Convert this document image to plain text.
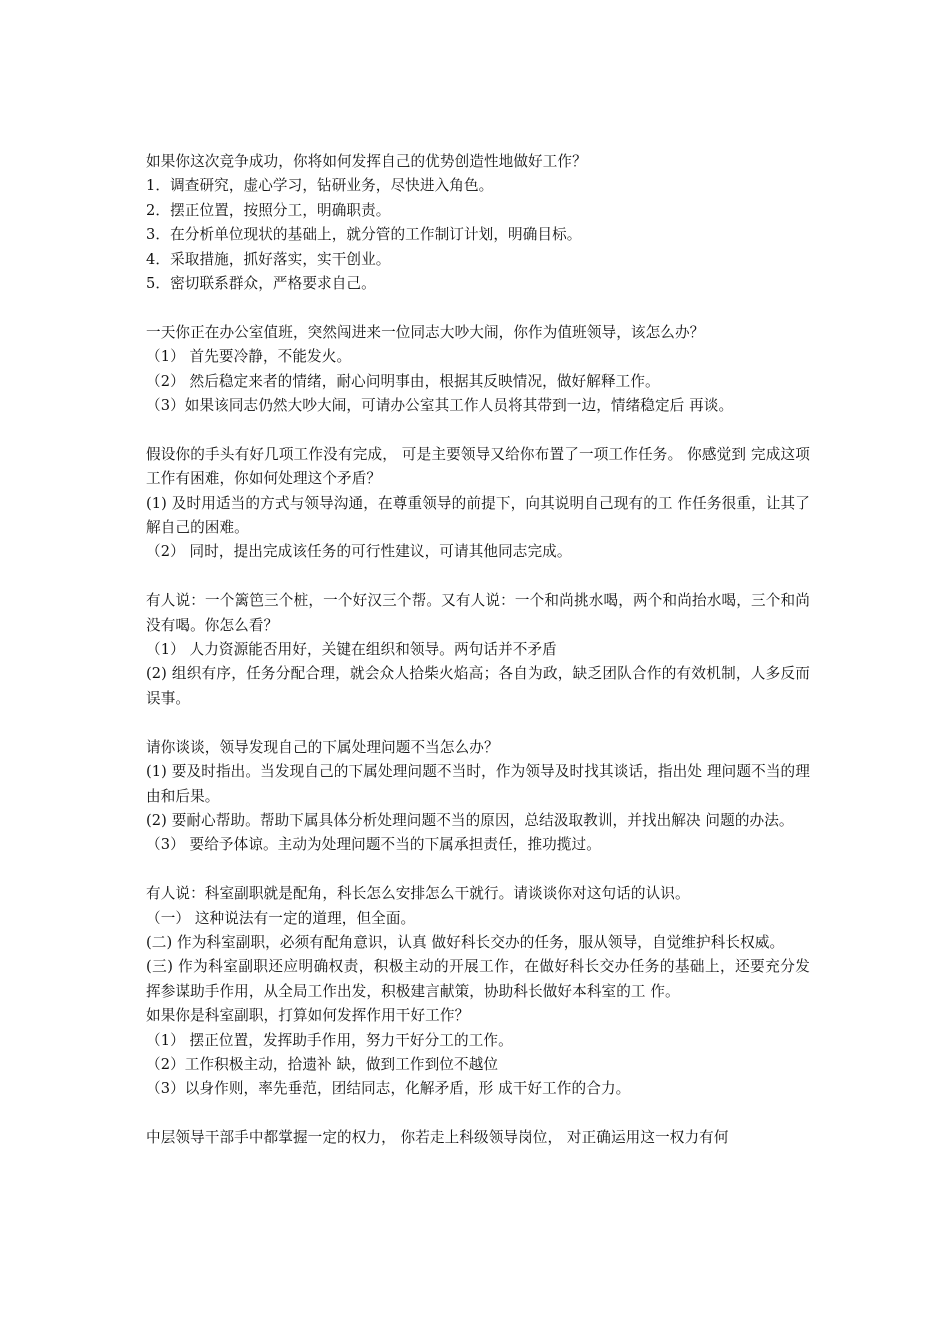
如果你这次竞争成功，你将如何发挥自己的优势创造性地做好工作？
1．调查研究，虚心学习，钻研业务，尽快进入角色。
2．摆正位置，按照分工，明确职责。
3．在分析单位现状的基础上，就分管的工作制订计划，明确目标。
4．采取措施，抓好落实，实干创业。
5．密切联系群众，严格要求自己。
一天你正在办公室值班，突然闯进来一位同志大吵大闹，你作为值班领导，该怎么办？
（1） 首先要冷静，不能发火。
（2） 然后稳定来者的情绪，耐心问明事由，根据其反映情况，做好解释工作。
（3）如果该同志仍然大吵大闹，可请办公室其工作人员将其带到一边，情绪稳定后 再谈。
假设你的手头有好几项工作没有完成， 可是主要领导又给你布置了一项工作任务。 你感觉到 完成这项工作有困难，你如何处理这个矛盾？
(1) 及时用适当的方式与领导沟通，在尊重领导的前提下，向其说明自己现有的工 作任务很重，让其了解自己的困难。
（2） 同时，提出完成该任务的可行性建议，可请其他同志完成。
有人说：一个篱笆三个桩，一个好汉三个帮。又有人说：一个和尚挑水喝，两个和尚抬水喝，三个和尚没有喝。你怎么看？
（1） 人力资源能否用好，关键在组织和领导。两句话并不矛盾
(2) 组织有序，任务分配合理，就会众人拾柴火焰高；各自为政，缺乏团队合作的有效机制，人多反而误事。
请你谈谈，领导发现自己的下属处理问题不当怎么办？
(1) 要及时指出。当发现自己的下属处理问题不当时，作为领导及时找其谈话，指出处 理问题不当的理由和后果。
(2) 要耐心帮助。帮助下属具体分析处理问题不当的原因，总结汲取教训，并找出解决 问题的办法。
（3） 要给予体谅。主动为处理问题不当的下属承担责任，推功揽过。
有人说：科室副职就是配角，科长怎么安排怎么干就行。请谈谈你对这句话的认识。
（一） 这种说法有一定的道理，但全面。
(二) 作为科室副职，必须有配角意识，认真 做好科长交办的任务，服从领导，自觉维护科长权威。
(三) 作为科室副职还应明确权责，积极主动的开展工作，在做好科长交办任务的基础上，还要充分发 挥参谋助手作用，从全局工作出发，积极建言献策，协助科长做好本科室的工 作。
如果你是科室副职，打算如何发挥作用干好工作？
（1） 摆正位置，发挥助手作用，努力干好分工的工作。
（2）工作积极主动，拾遗补 缺，做到工作到位不越位
（3）以身作则，率先垂范，团结同志，化解矛盾，形 成干好工作的合力。
中层领导干部手中都掌握一定的权力， 你若走上科级领导岗位， 对正确运用这一权力有何
